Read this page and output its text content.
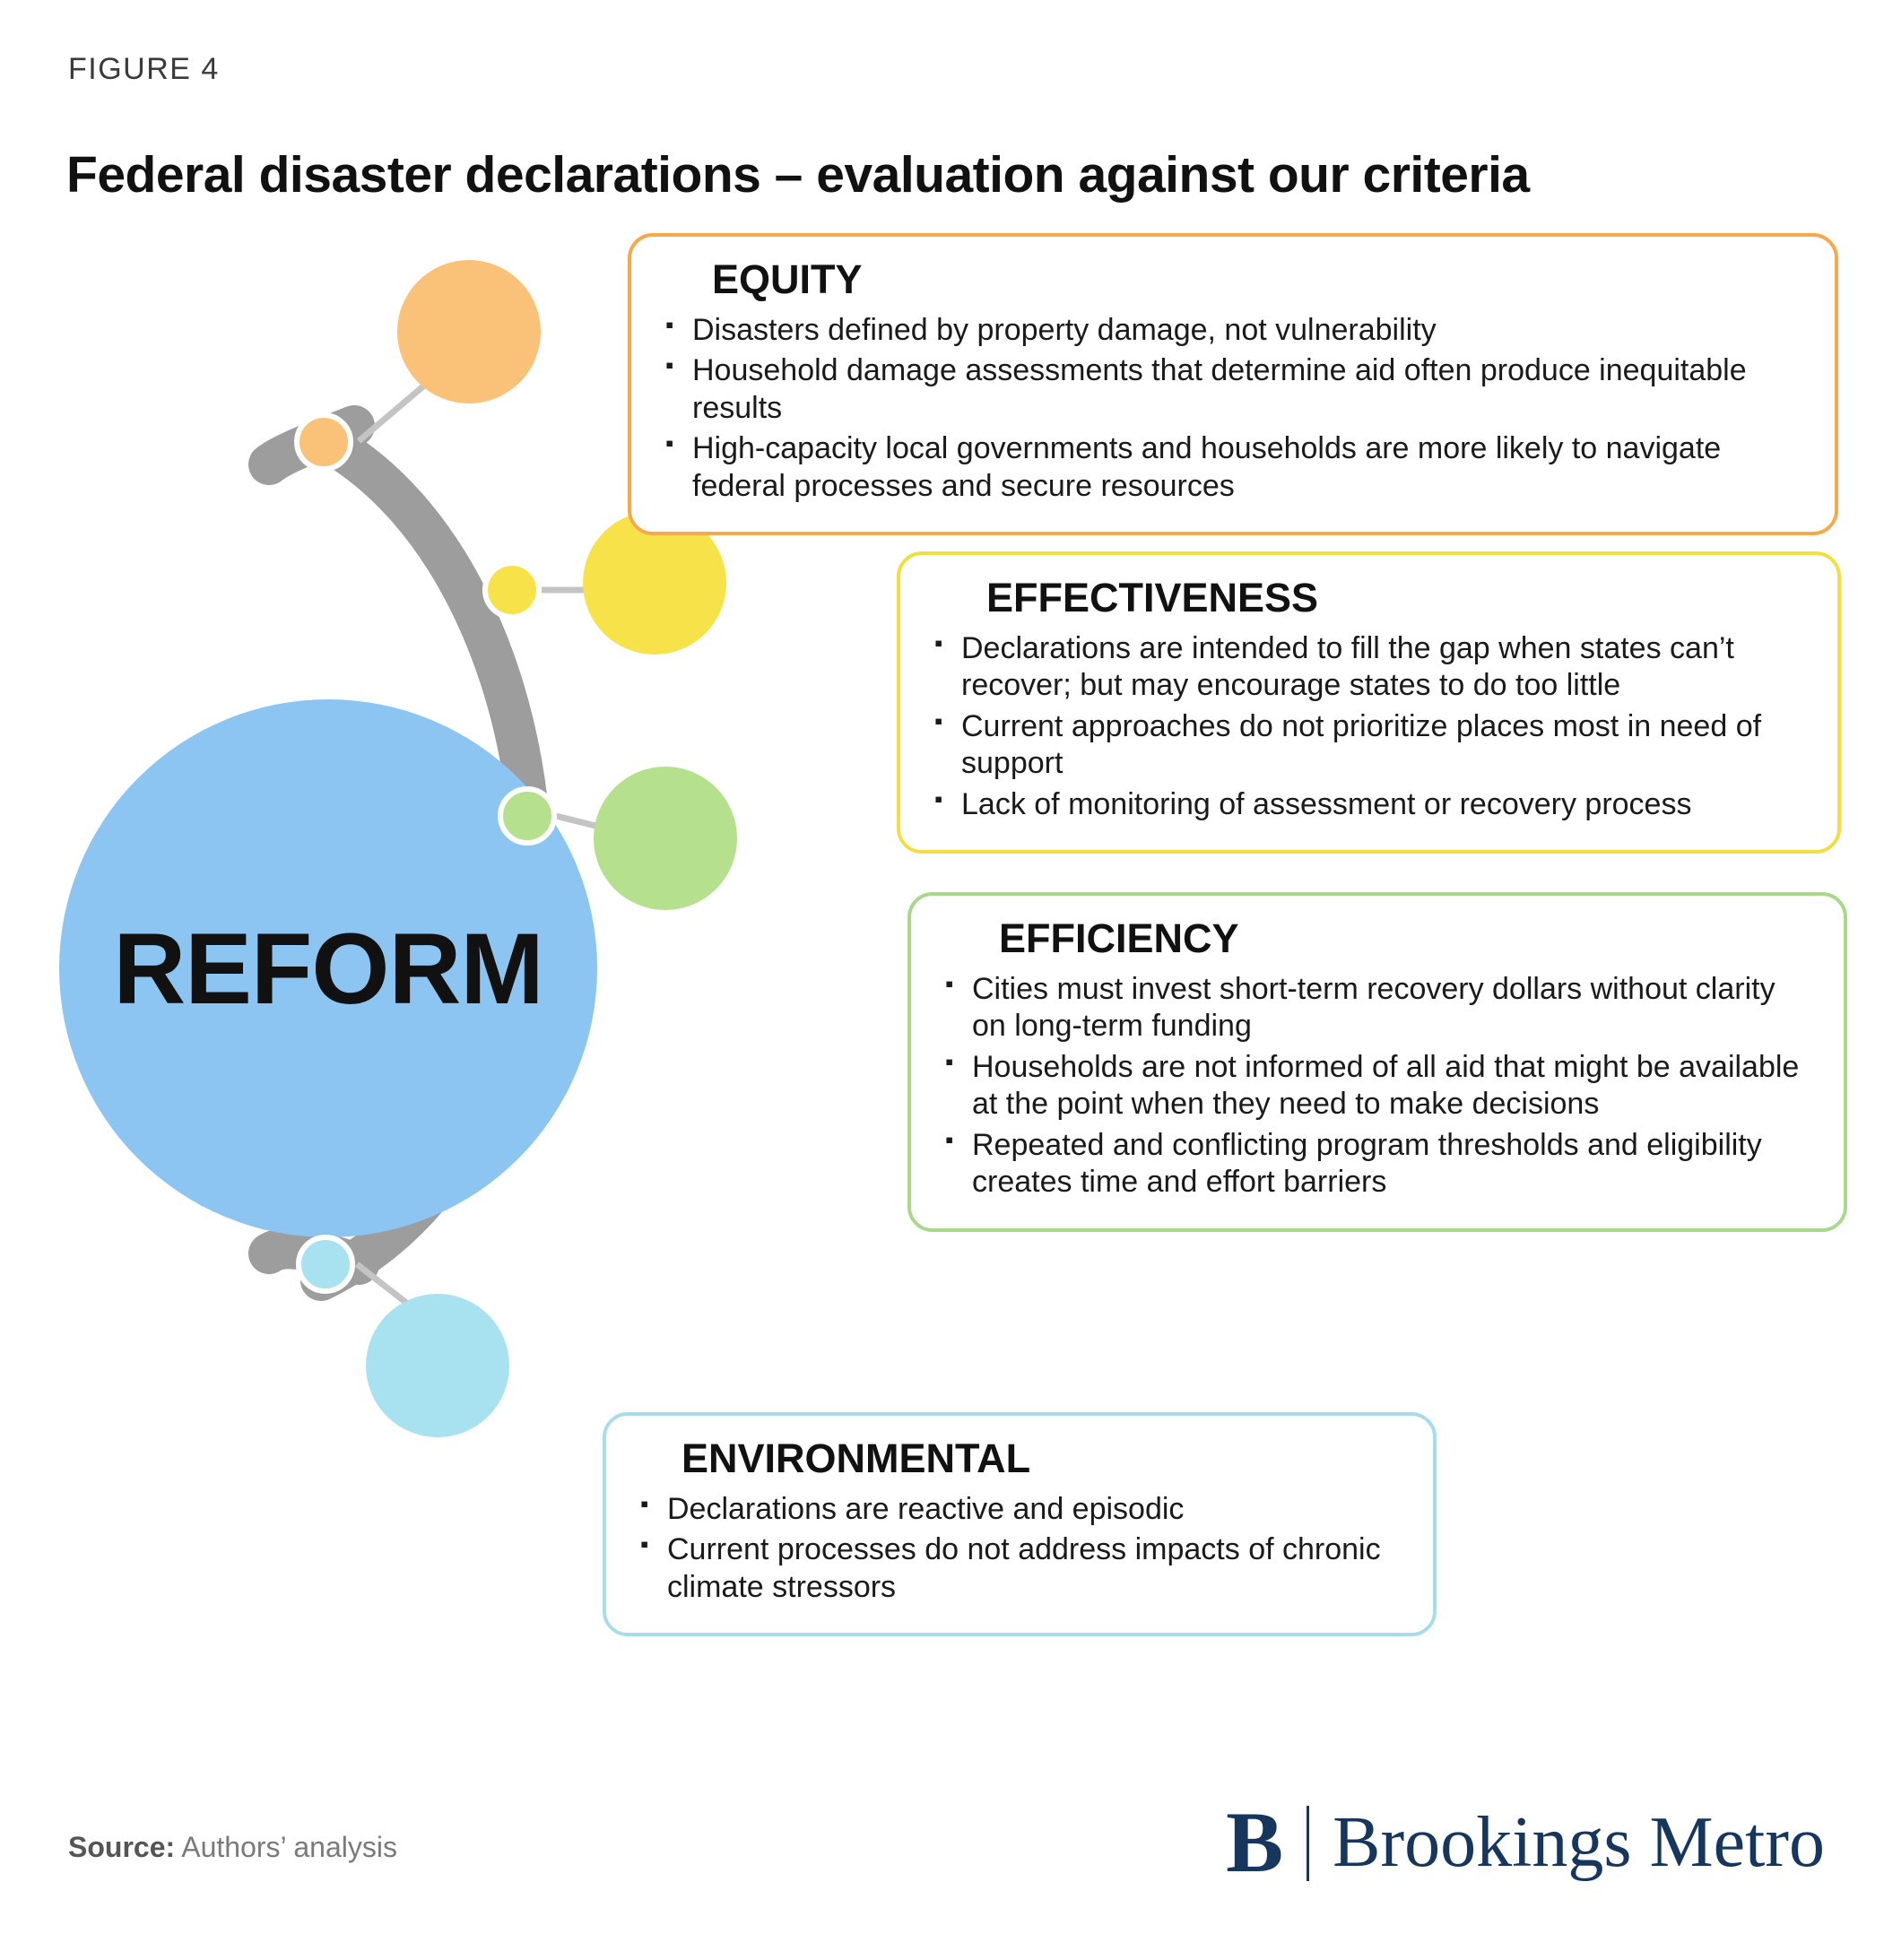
FIGURE 4
Federal disaster declarations – evaluation against our criteria
REFORM
EQUITY
▪ Disasters defined by property damage, not vulnerability
▪ Household damage assessments that determine aid often produce inequitable results
▪ High-capacity local governments and households are more likely to navigate federal processes and secure resources
EFFECTIVENESS
▪ Declarations are intended to fill the gap when states can’t recover; but may encourage states to do too little
▪ Current approaches do not prioritize places most in need of support
▪ Lack of monitoring of assessment or recovery process
EFFICIENCY
▪ Cities must invest short-term recovery dollars without clarity on long-term funding
▪ Households are not informed of all aid that might be available at the point when they need to make decisions
▪ Repeated and conflicting program thresholds and eligibility creates time and effort barriers
ENVIRONMENTAL
▪ Declarations are reactive and episodic
▪ Current processes do not address impacts of chronic climate stressors
Source: Authors’ analysis	B Brookings Metro
